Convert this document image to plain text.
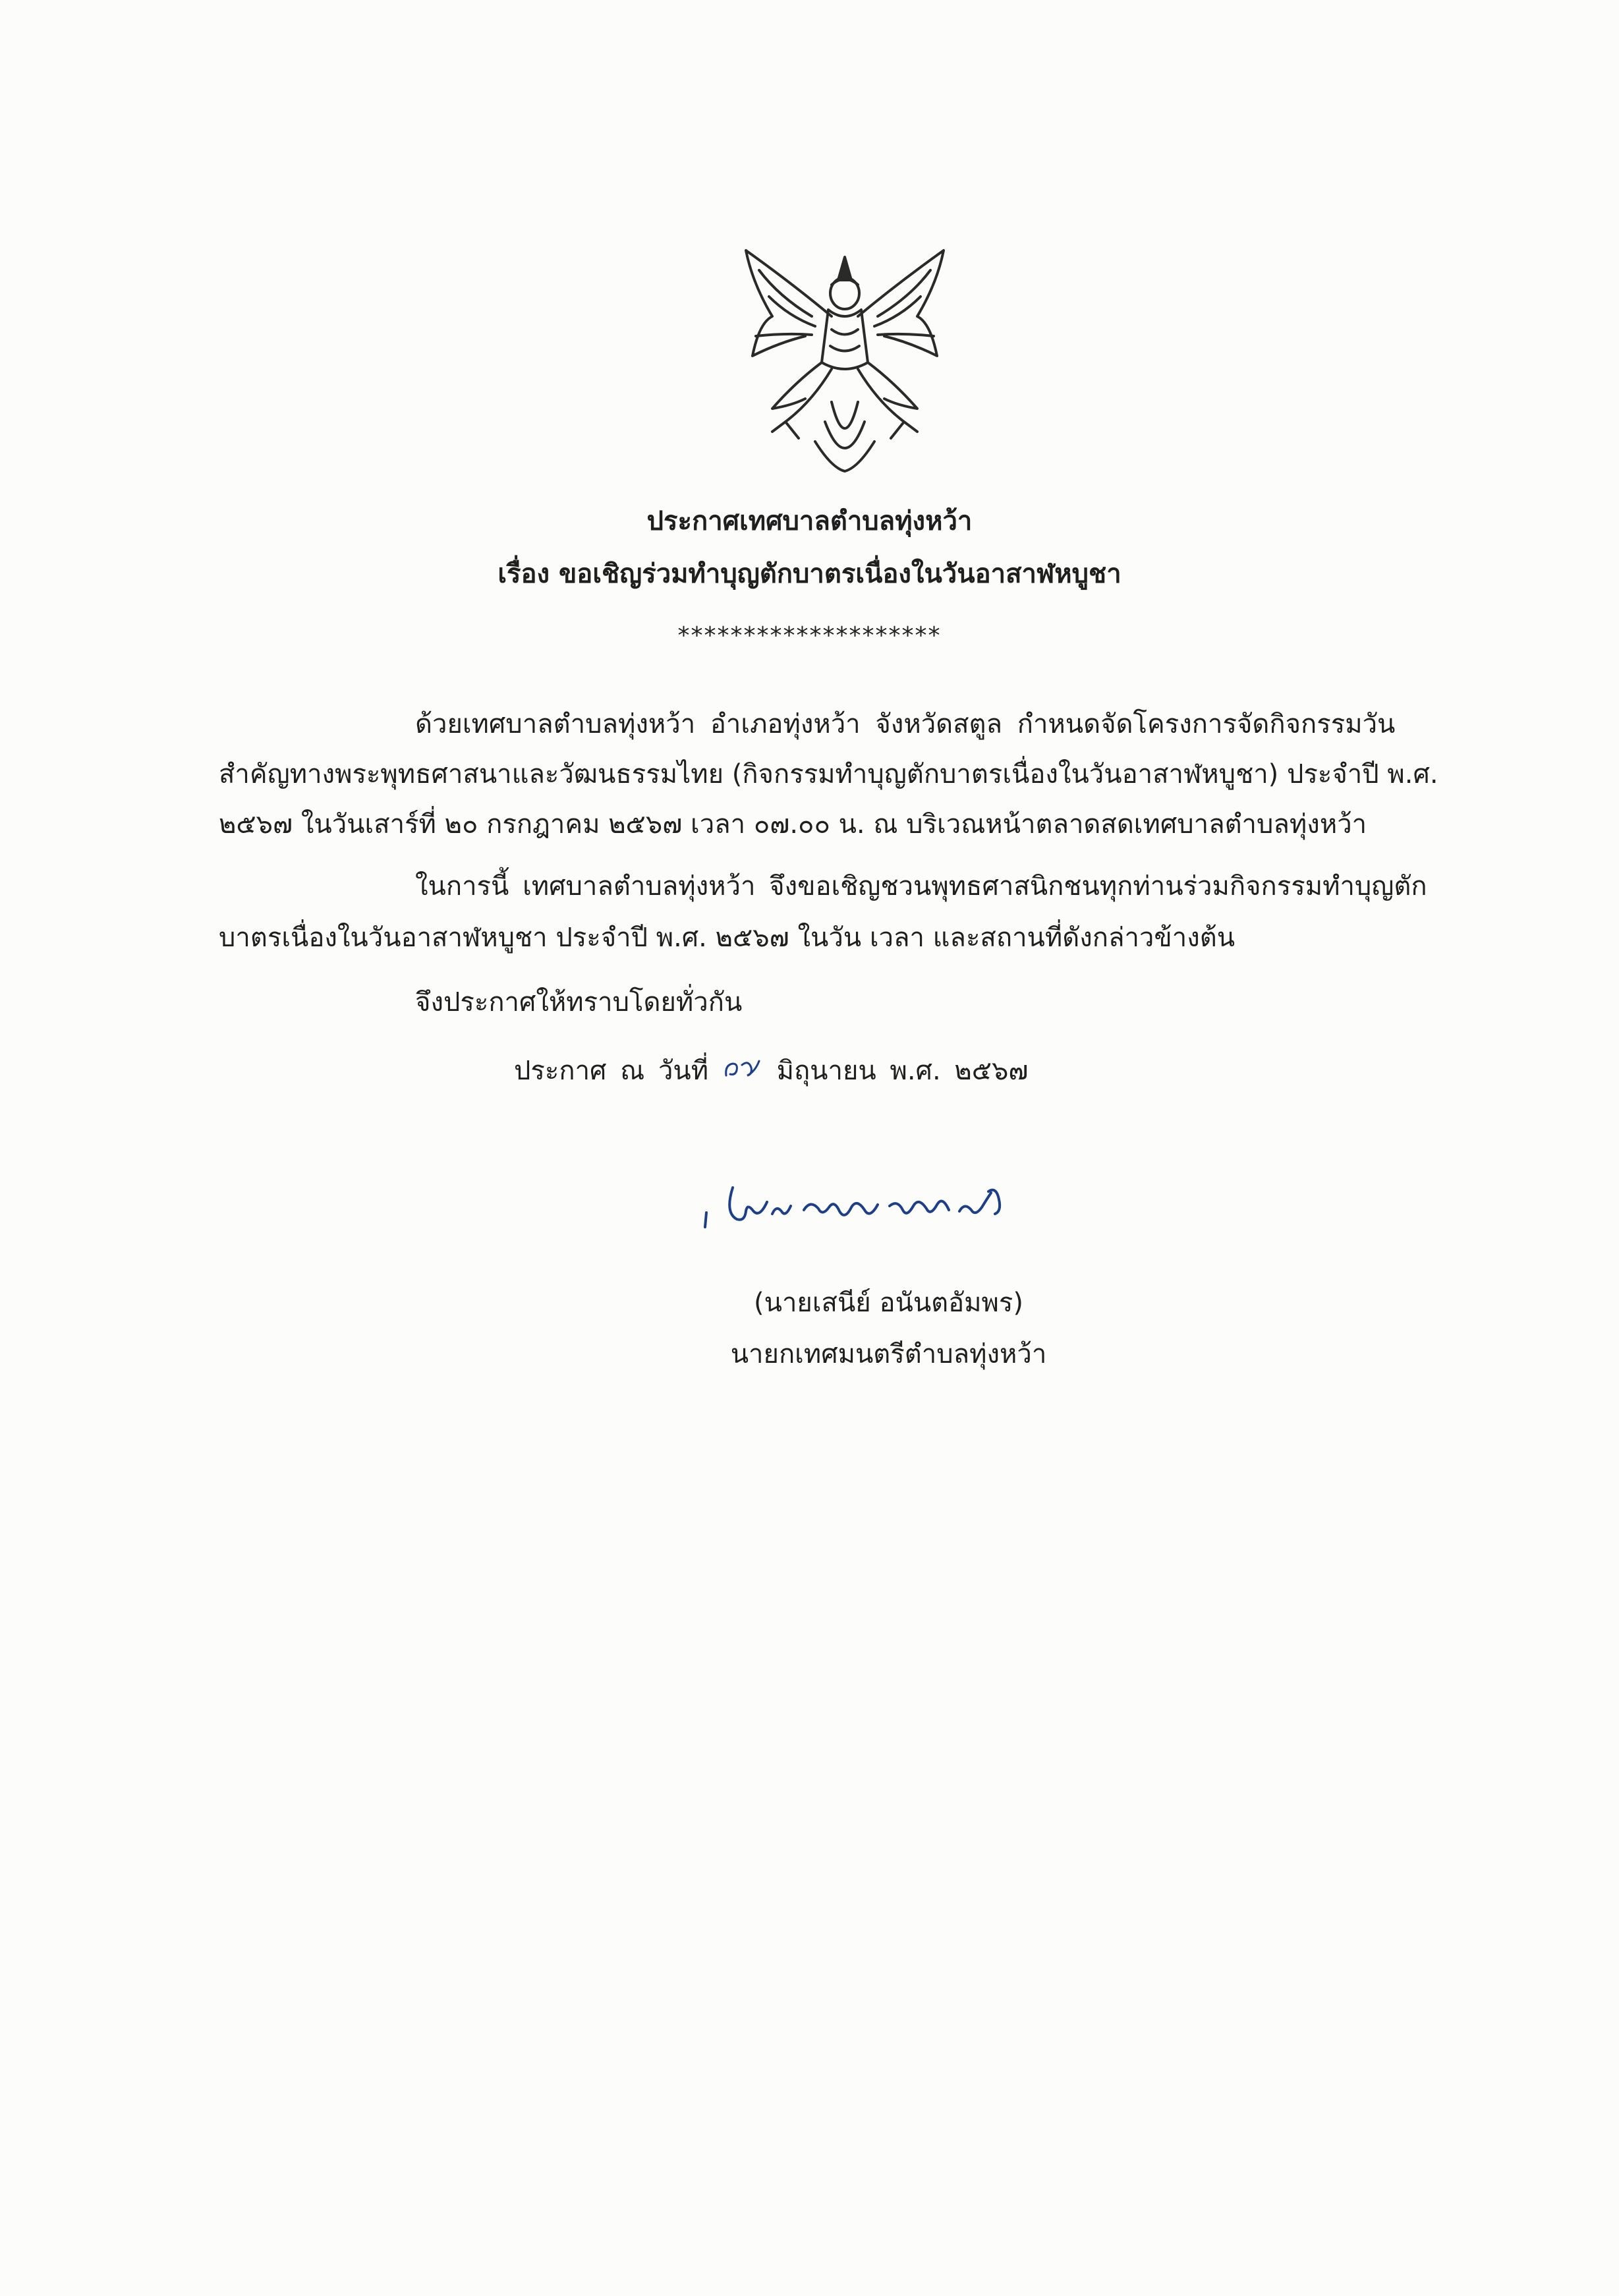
ประกาศเทศบาลตำบลทุ่งหว้า
เรื่อง ขอเชิญร่วมทำบุญตักบาตรเนื่องในวันอาสาฬหบูชา
********************
ด้วยเทศบาลตำบลทุ่งหว้า อำเภอทุ่งหว้า จังหวัดสตูล กำหนดจัดโครงการจัดกิจกรรมวัน
สำคัญทางพระพุทธศาสนาและวัฒนธรรมไทย (กิจกรรมทำบุญตักบาตรเนื่องในวันอาสาฬหบูชา) ประจำปี พ.ศ.
๒๕๖๗ ในวันเสาร์ที่ ๒๐ กรกฎาคม ๒๕๖๗ เวลา ๐๗.๐๐ น. ณ บริเวณหน้าตลาดสดเทศบาลตำบลทุ่งหว้า
ในการนี้ เทศบาลตำบลทุ่งหว้า จึงขอเชิญชวนพุทธศาสนิกชนทุกท่านร่วมกิจกรรมทำบุญตัก
บาตรเนื่องในวันอาสาฬหบูชา ประจำปี พ.ศ. ๒๕๖๗ ในวัน เวลา และสถานที่ดังกล่าวข้างต้น
จึงประกาศให้ทราบโดยทั่วกัน
ประกาศ ณ วันที่	มิถุนายน พ.ศ. ๒๕๖๗
(นายเสนีย์ อนันตอัมพร)
นายกเทศมนตรีตำบลทุ่งหว้า
